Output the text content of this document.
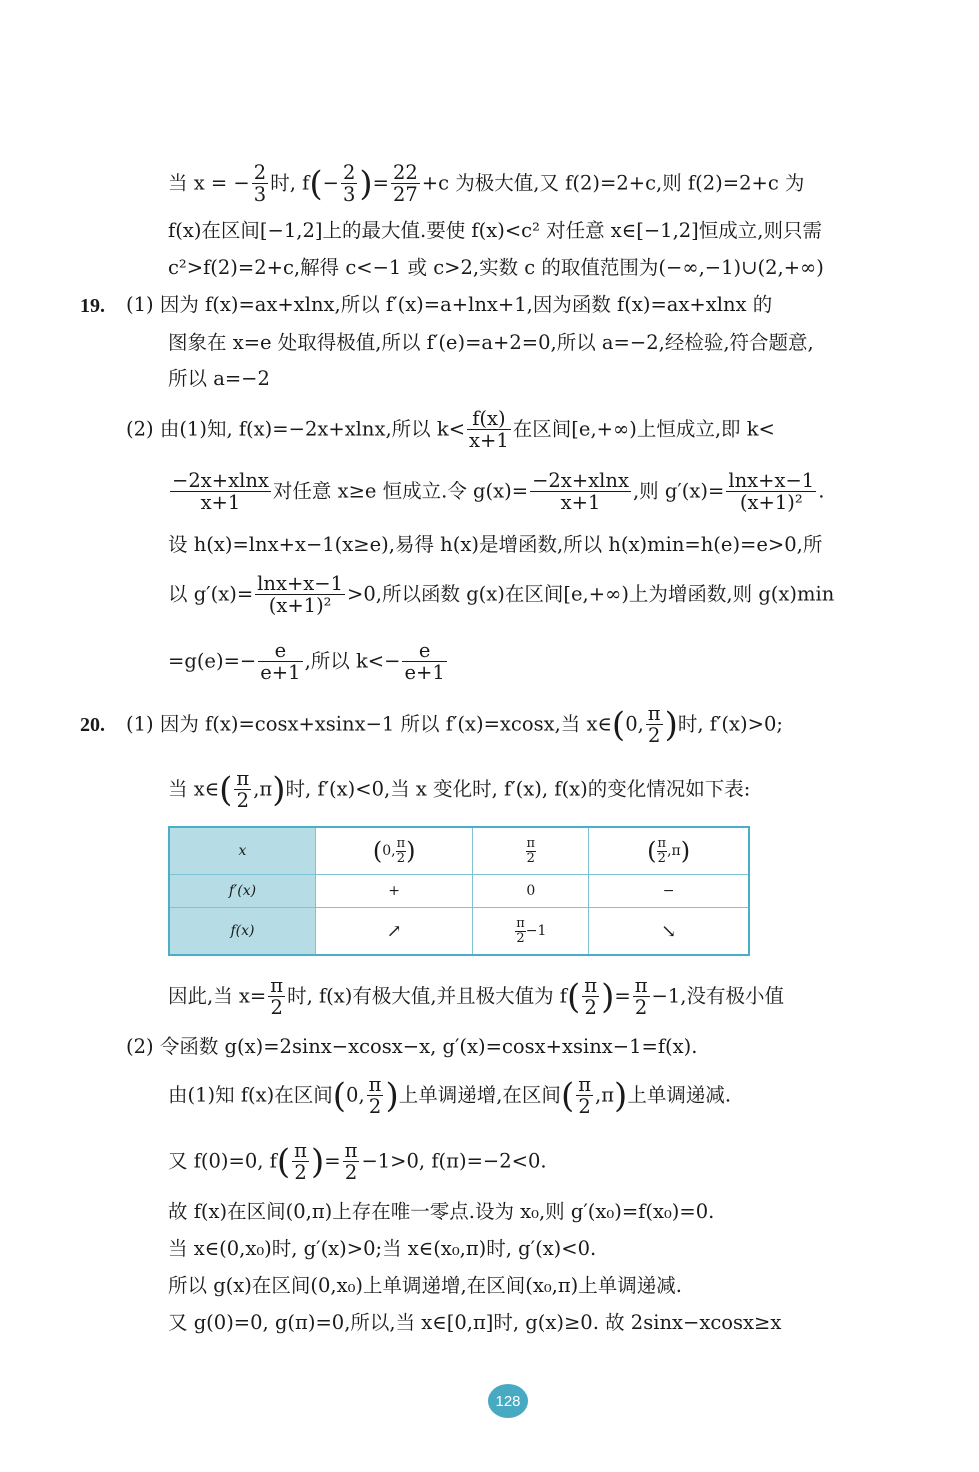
当 x = − $\frac{2}{3}$ 时, $f(- \frac{2}{3}$ )= $\frac{22}{27} +c$ 为极大值,又 f(2)=2+c,则 f(2)=2+c 为
f(x)在区间[−1,2]上的最大值.要使 f(x)<c² 对任意 x∈[−1,2]恒成立,则只需
c²>f(2)=2+c,解得 c<−1 或 c>2,实数 c 的取值范围为(−∞,−1)∪(2,+∞)
19. (1) 因为 f(x)=ax+xlnx,所以 f′(x)=a+lnx+1,因为函数 f(x)=ax+xlnx 的
图象在 x=e 处取得极值,所以 f′(e)=a+2=0,所以 a=−2,经检验,符合题意,
所以 a=−2
(2) 由(1)知, f(x)=−2x+xlnx,所以 $k< \frac{f(x)}{x+1}$ 在区间[e,+∞)上恒成立,即 k<
$\frac{-2x+xlnx}{x+1}$ 对任意 x≥e 恒成立.令 $g(x)= \frac{-2x+xlnx}{x+1}$ ,则 $g'(x)= \frac{\ln x+x-1}{\text{(x+1)²}}$ .
设 h(x)=lnx+x−1(x≥e),易得 h(x)是增函数,所以 h(x)min=h(e)=e>0,所
以 $g'(x)= \frac{\ln x+x-1}{\text{(x+1)²}} >0$,所以函数 g(x)在区间[e,+∞)上为增函数,则 g(x)min
$=g(e)=- \frac{e}{e+1}$ ,所以 $k<- \frac{e}{e+1}$
20. (1) 因为 f(x)=cosx+xsinx−1 所以 f′(x)=xcosx,当 x∈(0, $\frac{\pi}{2}$ )时, f′(x)>0;
当 x∈( $\frac{\pi}{2} ,\pi$)时, f′(x)<0,当 x 变化时, f′(x), f(x)的变化情况如下表:
x	(0, $\frac{\pi}{2}$ )	$\frac{\pi}{2}$	( $\frac{\pi}{2} ,\pi$)
f′(x)	+	0	−
f(x)	↗	$\frac{\pi}{2} -1$	↘
因此,当 $x= \frac{\pi}{2}$ 时, f(x)有极大值,并且极大值为 $f( \frac{\pi}{2}$ )= $\frac{\pi}{2} -1$,没有极小值
(2) 令函数 g(x)=2sinx−xcosx−x, g′(x)=cosx+xsinx−1=f(x).
由(1)知 f(x)在区间(0, $\frac{\pi}{2}$ )上单调递增,在区间( $\frac{\pi}{2} ,\pi$)上单调递减.
又 f(0)=0, $f( \frac{\pi}{2}$ )= $\frac{\pi}{2} -1>0$, f(π)=−2<0.
故 f(x)在区间(0,π)上存在唯一零点.设为 x₀,则 g′(x₀)=f(x₀)=0.
当 x∈(0,x₀)时, g′(x)>0;当 x∈(x₀,π)时, g′(x)<0.
所以 g(x)在区间(0,x₀)上单调递增,在区间(x₀,π)上单调递减.
又 g(0)=0, g(π)=0,所以,当 x∈[0,π]时, g(x)≥0. 故 2sinx−xcosx≥x
128
